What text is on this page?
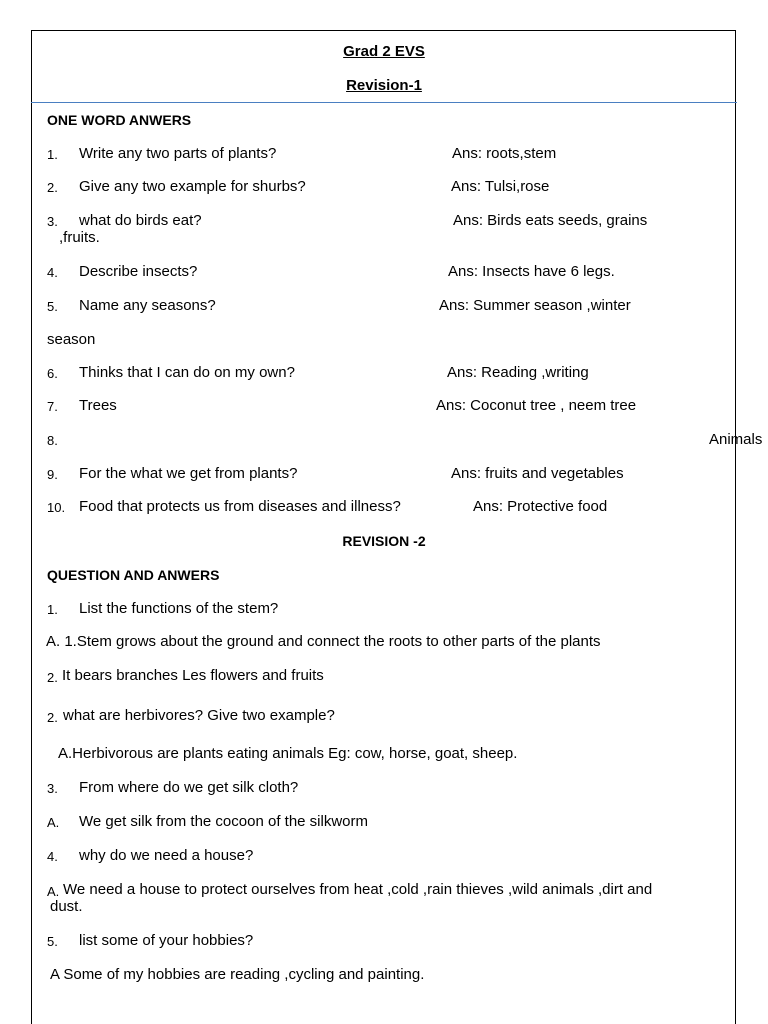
Grad 2 EVS
Revision-1
ONE WORD ANWERS
1. Write any two parts of plants?	Ans: roots,stem
2. Give any two example for shurbs?	Ans: Tulsi,rose
3. what do birds eat?	Ans: Birds eats seeds, grains
,fruits.
4. Describe insects?	Ans: Insects have 6 legs.
5. Name any seasons?	Ans: Summer season ,winter
season
6. Thinks that I can do on my own?	Ans: Reading ,writing
7. Trees	Ans: Coconut tree , neem tree
8.	Animals
9. For the what we get from plants?	Ans: fruits and vegetables
10. Food that protects us from diseases and illness?	Ans: Protective food
REVISION -2
QUESTION AND ANWERS
1. List the functions of the stem?
A. 1.Stem grows about the ground and connect the roots to other parts of the plants
2. It bears branches Les flowers and fruits
2. what are herbivores? Give two example?
A.Herbivorous are plants eating animals Eg: cow, horse, goat, sheep.
3. From where do we get silk cloth?
A. We get silk from the cocoon of the silkworm
4. why do we need a house?
A. We need a house to protect ourselves from heat ,cold ,rain thieves ,wild animals ,dirt and
dust.
5. list some of your hobbies?
A Some of my hobbies are reading ,cycling and painting.
